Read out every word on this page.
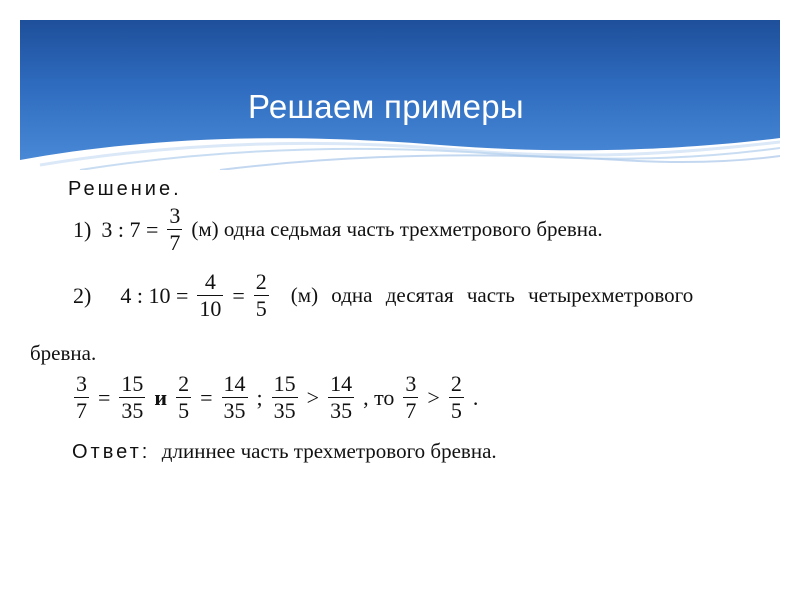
Решаем примеры
Решение.
1) 3 : $7 = \frac{3}{7} (м)$ одна седьмая часть трехметрового бревна.
2) 4 : $10 = \frac{4}{10} = \frac{2}{5} (м)$ одна десятая часть четырехметрового
бревна.
$\frac{3}{7} = \frac{15}{35}$ и $\frac{2}{5} = \frac{14}{35}$ ; $\frac{15}{35} > \frac{14}{35}$ , то $\frac{3}{7} > \frac{2}{5}$ .
Ответ: длиннее часть трехметрового бревна.
